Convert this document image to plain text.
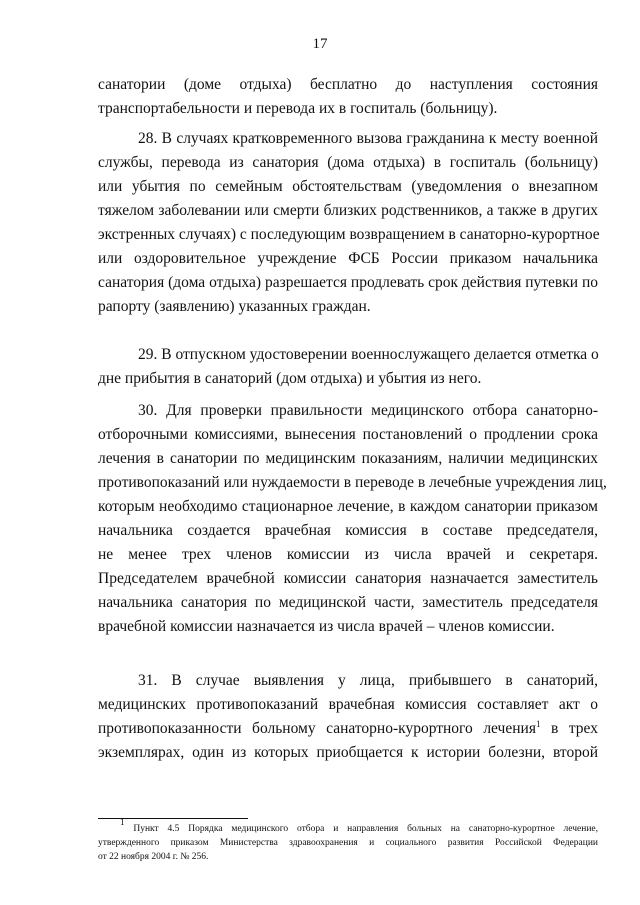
17
санатории (доме отдыха) бесплатно до наступления состояния
транспортабельности и перевода их в госпиталь (больницу).
28. В случаях кратковременного вызова гражданина к месту военной
службы, перевода из санатория (дома отдыха) в госпиталь (больницу)
или убытия по семейным обстоятельствам (уведомления о внезапном
тяжелом заболевании или смерти близких родственников, а также в других
экстренных случаях) с последующим возвращением в санаторно-курортное
или оздоровительное учреждение ФСБ России приказом начальника
санатория (дома отдыха) разрешается продлевать срок действия путевки по
рапорту (заявлению) указанных граждан.
29. В отпускном удостоверении военнослужащего делается отметка о
дне прибытия в санаторий (дом отдыха) и убытия из него.
30. Для проверки правильности медицинского отбора санаторно-
отборочными комиссиями, вынесения постановлений о продлении срока
лечения в санатории по медицинским показаниям, наличии медицинских
противопоказаний или нуждаемости в переводе в лечебные учреждения лиц,
которым необходимо стационарное лечение, в каждом санатории приказом
начальника создается врачебная комиссия в составе председателя,
не менее трех членов комиссии из числа врачей и секретаря.
Председателем врачебной комиссии санатория назначается заместитель
начальника санатория по медицинской части, заместитель председателя
врачебной комиссии назначается из числа врачей – членов комиссии.
31. В случае выявления у лица, прибывшего в санаторий,
медицинских противопоказаний врачебная комиссия составляет акт о
противопоказанности больному санаторно-курортного лечения$^1$ в трех
экземплярах, один из которых приобщается к истории болезни, второй
$^1$ Пункт 4.5 Порядка медицинского отбора и направления больных на санаторно-курортное лечение,
утвержденного приказом Министерства здравоохранения и социального развития Российской Федерации
от 22 ноября 2004 г. № 256.
